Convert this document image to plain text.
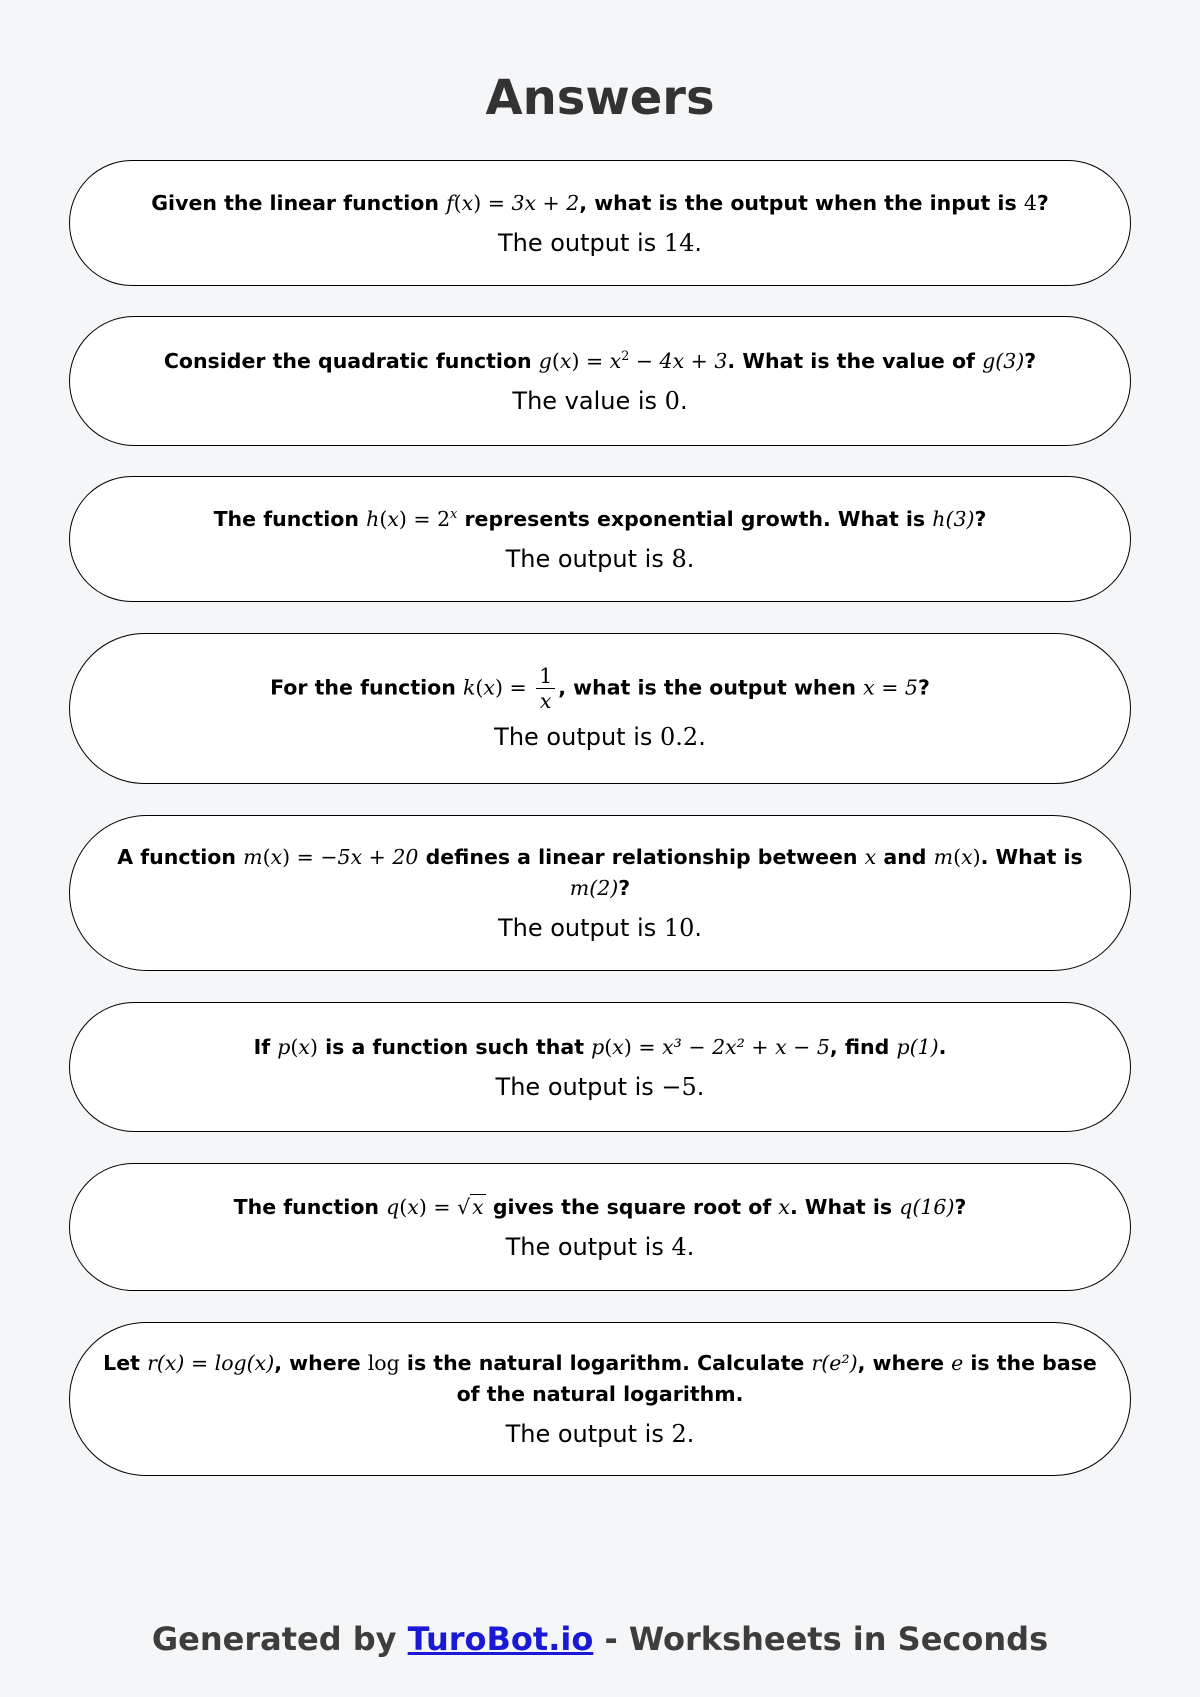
Answers
Given the linear function f(x) = 3x + 2, what is the output when the input is 4?
The output is 14.
Consider the quadratic function $g(x) = x^2 - 4x + 3$. What is the value of g(3)?
The value is 0.
The function $h(x) = 2^x$ represents exponential growth. What is h(3)?
The output is 8.
For the function $k(x) = \frac{1}{x}$ , what is the output when x = 5?
The output is 0.2.
A function m(x) = −5x + 20 defines a linear relationship between x and m(x). What is m(2)?
The output is 10.
If p(x) is a function such that p(x) = x³ − 2x² + x − 5, find p(1).
The output is −5.
The function q(x) = √x gives the square root of x. What is q(16)?
The output is 4.
Let r(x) = log(x), where log is the natural logarithm. Calculate r(e²), where e is the base of the natural logarithm.
The output is 2.
Generated by TuroBot.io - Worksheets in Seconds
